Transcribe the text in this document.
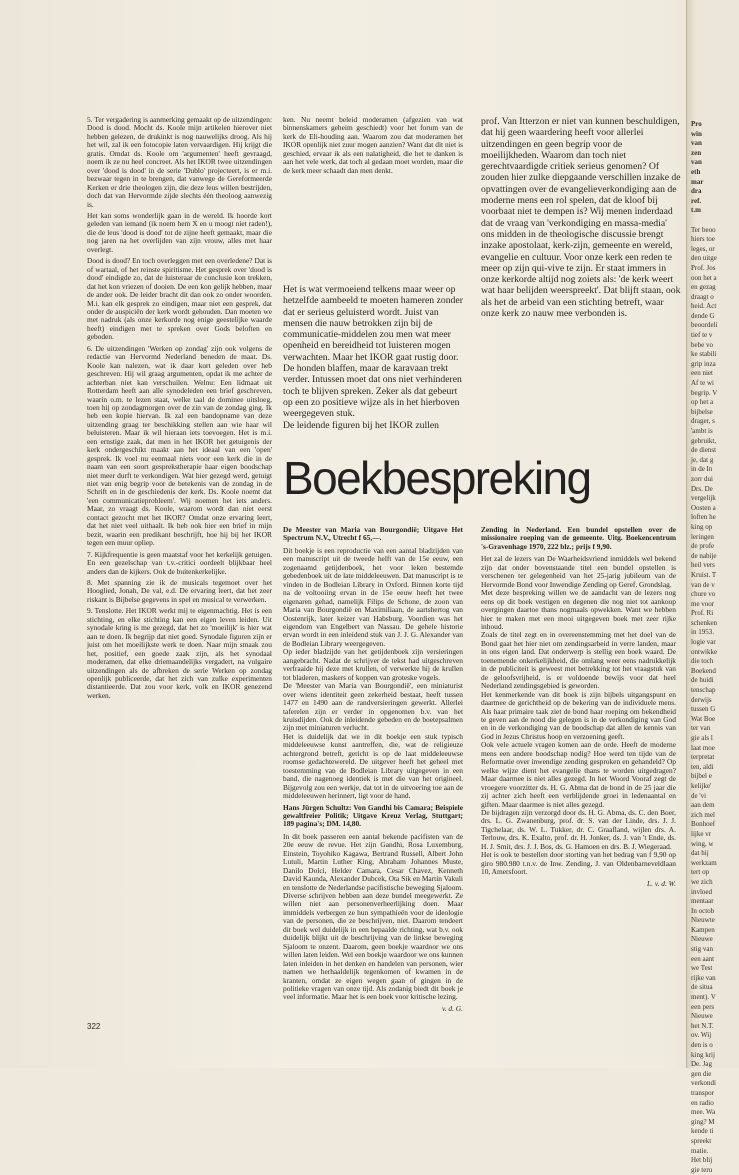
5. Ter vergadering is aanmerking gemaakt op de uitzendingen: Dood is dood. Mocht ds. Koole mijn artikelen hierover niet hebben gelezen, de drukinkt is nog nauwelijks droog. Als hij het wil, zal ik een fotocopie laten vervaardigen. Hij krijgt die gratis. Omdat ds. Koole om 'argumenten' heeft gevraagd, noem ik ze nu heel concreet. Als het IKOR twee uitzendingen over 'dood is dood' in de serie 'Dublo' projecteert, is er m.i. bezwaar tegen in te brengen, dat vanwege de Gereformeerde Kerken er drie theologen zijn, die deze leus willen bestrijden, doch dat van Hervormde zijde slechts één theoloog aanwezig is.

Het kan soms wonderlijk gaan in de wereld. Ik hoorde kort geleden van iemand (ik noem hem X en u moogt niet raden!), die de leus 'dood is dood' tot de zijne heeft gemaakt, maar die nog jaren na het overlijden van zijn vrouw, alles met haar overlegt.

Dood is dood? En toch overleggen met een overledene? Dat is of wartaal, of het reinste spiritisme. Het gesprek over 'dood is dood' eindigde zo, dat de luisteraar de conclusie kon trekken, dat het kon vriezen of dooien. De een kon gelijk hebben, maar de ander ook. De leider bracht dit dan ook zo onder woorden. M.i. kan elk gesprek zo eindigen, maar niet een gesprek, dat onder de auspiciën der kerk wordt gehouden. Dan moeten we met nadruk (als onze kerkorde nog enige geestelijke waarde heeft) eindigen met te spreken over Gods beloften en geboden.

6. De uitzendingen 'Werken op zondag' zijn ook volgens de redactie van Hervormd Nederland beneden de maat. Ds. Koole kan nalezen, wat ik daar kort geleden over heb geschreven. Hij wil graag argumenten, opdat ik me achter de achterban niet kan verschuilen. Welnu: Een lidmaat uit Rotterdam heeft aan alle synodeleden een brief geschreven, waarin o.m. te lezen staat, welke taal de dominee uitsloeg, toen hij op zondagmorgen over de zin van de zondag ging. Ik heb een kopie hiervan. Ik zal een bandopname van deze uitzending graag ter beschikking stellen aan wie haar wil beluisteren. Maar ik wil hieraan iets toevoegen. Het is m.i. een ernstige zaak, dat men in het IKOR het getuigenis der kerk ondergeschikt maakt aan het ideaal van een 'open' gesprek. Ik voel nu eenmaal niets voor een kerk die in de naam van een soort gesprekstherapie haar eigen boodschap niet meer durft te verkondigen. Wat hier gezegd werd, getuigt niet van enig begrip voor de betekenis van de zondag in de Schrift en in de geschiedenis der kerk. Ds. Koole noemt dat 'een communicatieprobleem'. Wij noemen het iets anders. Maar, zo vraagt ds. Koole, waarom wordt dan niet eerst contact gezocht met het IKOR? Omdat onze ervaring leert, dat het niet veel uithaalt. Ik heb ook hier een brief in mijn bezit, waarin een predikant beschrijft, hoe hij bij het IKOR tegen een muur opliep.

7. Kijkfrequentie is geen maatstaf voor het kerkelijk getuigen. En een gezelschap van t.v.-critici oordeelt blijkbaar heel anders dan de kijkers. Ook de buitenkerkelijke.

8. Met spanning zie ik de musicals tegemoet over het Hooglied, Jonah, De val, e.d. De ervaring leert, dat het zeer riskant is Bijbelse gegevens in spel en musical te verwerken.

9. Tenslotte. Het IKOR werkt mij te eigenmachtig. Het is een stichting, en elke stichting kan een eigen leven leiden. Uit synodale kring is me gezegd, dat het zo 'moeilijk' is hier wat aan te doen. Ik begrijp dat niet goed. Synodale figuren zijn er juist om het moeilijkste werk te doen. Naar mijn smaak zou het, positief, een goede zaak zijn, als het synodaal moderamen, dat elke driemaandelijks vergadert, na vulgaire uitzendingen als de afbreken de serie Werken op zondag openlijk publiceerde, dat het zich van zulke experimenten distantieerde. Dat zou voor kerk, volk en IKOR genezend werken.

ken. Nu neemt beleid moderamen (afgezien van wat binnenskamers geheim geschiedt) voor het forum van de kerk de Eli-houding aan. Waarom zou dat moderamen het IKOR openlijk niet zuur mogen aanzien? Want dat dit niet is geschied, ervaar ik als een nalatigheid, die het te danken is aan het vele werk, dat toch al gedaan moet worden, maar die de kerk meer schaadt dan men denkt.

Het is wat vermoeiend telkens maar weer op hetzelfde aambeeld te moeten hameren zonder dat er serieus geluisterd wordt. Juist van mensen die nauw betrokken zijn bij de communicatie-middelen zou men wat meer openheid en bereidheid tot luisteren mogen verwachten. Maar het IKOR gaat rustig door. De honden blaffen, maar de karavaan trekt verder. Intussen moet dat ons niet verhinderen toch te blijven spreken. Zeker als dat gebeurt op een zo positieve wijze als in het hierboven weergegeven stuk.
De leidende figuren bij het IKOR zullen

prof. Van Itterzon er niet van kunnen beschuldigen, dat hij geen waardering heeft voor allerlei uitzendingen en geen begrip voor de moeilijkheden. Waarom dan toch niet gerechtvaardigde critiek serieus genomen? Of zouden hier zulke diepgaande verschillen inzake de opvattingen over de evangelieverkondiging aan de moderne mens een rol spelen, dat de kloof bij voorbaat niet te dempen is? Wij menen inderdaad dat de vraag van 'verkondiging en massa-media' ons midden in de theologische discussie brengt inzake apostolaat, kerk-zijn, gemeente en wereld, evangelie en cultuur. Voor onze kerk een reden te meer op zijn qui-vive te zijn. Er staat immers in onze kerkorde altijd nog zoiets als: 'de kerk weert wat haar belijden weerspreekt'. Dat blijft staan, ook als het de arbeid van een stichting betreft, waar onze kerk zo nauw mee verbonden is.

Boekbespreking

De Meester van Maria van Bourgondië; Uitgave Het Spectrum N.V., Utrecht f 65,—.

Dit boekje is een reproductie van een aantal bladzijden van een manuscript uit de tweede helft van de 15e eeuw, een zogenaamd getijdenboek, het voor leken bestemde gebedenboek uit de late middeleeuwen. Dat manuscript is te vinden in de Bodleian Library in Oxford. Binnen korte tijd na de voltooiing ervan in de 15e eeuw heeft het twee eigenaren gehad, namelijk Filips de Schone, de zoon van Maria van Bourgondië en Maximiliaan, de aartshertog van Oostenrijk, later keizer van Habsburg. Voordien was het eigendom van Engelbert van Nassau. De gehele historie ervan wordt in een inleidend stuk van J. J. G. Alexander van de Bodleian Library weergegeven.
Op ieder bladzijde van het getijdenboek zijn versieringen aangebracht. Nadat de schrijver de tekst had uitgeschreven verfraaide hij deze met krullen, of verwerkte hij de krullen tot bladeren, maskers of koppen van groteske vogels.
De 'Meester van Maria van Bourgondië', een miniaturist over wiens identiteit geen zekerheid bestaat, heeft tussen 1477 en 1490 aan de randversieringen gewerkt. Allerlei taferelen zijn er verder in opgenomen b.v. van het kruisdijden. Ook de inleidende gebeden en de boetepsalmen zijn met miniaturen verlucht.
Het is duidelijk dat we in dit boekje een stuk typisch middeleeuwse kunst aantreffen, die, wat de religieuze achtergrond betreft, gericht is op de laat middeleeuwse roomse gedachtewereld. De uitgever heeft het geheel met toestemming van de Bodleian Library uitgegeven in een band, die nagenoeg identiek is met die van het origineel. Bijgevolg zou een werkje, dat tot in de uitvoering toe aan de middeleeuwen herinnert, ligt voor de hand.

Hans Jürgen Schultz: Von Gandhi bis Camara; Beispiele gewaltfreier Politik; Uitgave Kreuz Verlag, Stuttgart; 189 pagina's; DM. 14,80.

In dit boek passeren een aantal bekende pacifisten van de 20e eeuw de revue. Het zijn Gandhi, Rosa Luxemburg, Einstein, Toyohiko Kagawa, Bertrand Russell, Albert John Lutuli, Martin Luther King, Abraham Johannes Muste, Danilo Dolci, Helder Camara, Cesar Chavez, Kenneth David Kaunda, Alexander Dubcek, Ota Sik en Martin Vakuli en tenslotte de Nederlandse pacifistische beweging Sjaloom. Diverse schrijven hebben aan deze bundel meegewerkt. Ze willen niet aan personenverheerlijking doen. Maar immiddels verbergen ze hun sympathieën voor de ideologie van de personen, die ze beschrijven, niet. Daarom tendeert dit boek wel duidelijk in een bepaalde richting, wat b.v. ook duidelijk blijkt uit de beschrijving van de linkse beweging Sjaloom te onzent. Daarom, geen boekje waardoor we ons willen laten leiden. Wel een boekje waardoor we ons kunnen laten inleiden in het denken en handelen van personen, wier namen we herhaaldelijk tegenkomen of kwamen in de kranten, omdat ze eigen wegen gaan of gingen in de politieke vragen van onze tijd. Als zodanig biedt dit boek je veel informatie. Maar het is een boek voor kritische lezing.

v. d. G.

Zending in Nederland. Een bundel opstellen over de missionaire roeping van de gemeente. Uitg. Boekencentrum 's-Gravenhage 1970, 222 blz.; prijs f 9,90.

Het zal de lezers van De Waarheidsvriend inmiddels wel bekend zijn dat onder bovenstaande titel een bundel opstellen is verschenen ter gelegenheid van het 25-jarig jubileum van de Hervormde Bond voor Inwendige Zending op Geref. Grondslag.
Met deze bespreking willen we de aandacht van de lezers nog eens op dit boek vestigen en degenen die nog niet tot aankoop overgingen daartoe thans nogmaals opwekken. Want we hebben hier te maken met een mooi uitgegeven boek met zeer rijke inhoud.
Zoals de titel zegt en in overeenstemming met het doel van de Bond gaat het hier niet om zendingsarbeid in verre landen, maar in ons eigen land. Dat onderwerp is stellig een boek waard. De toenemende onkerkelijkheid, die omlang weer eens nadrukkelijk in de publiciteit is geweest met betrekking tot het vraagstuk van de geloofsvrijheid, is er voldoende bewijs voor dat heel Nederland zendingsgebied is geworden.
Het kenmerkende van dit boek is zijn bijbels uitgangspunt en daarmee de gerichtheid op de bekering van de individuele mens. Als haar primaire taak ziet de bond haar roeping om bekendheid te geven aan de nood die gelegen is in de verkondiging van God en in de verkondiging van de boodschap dat allen de kennis van God in Jezus Christus hoop en verzoening geeft.
Ook vele actuele vragen komen aan de orde. Heeft de moderne mens een andere boodschap nodig? Hoe werd ten tijde van de Reformatie over inwendige zending gesproken en gehandeld? Op welke wijze dient het evangelie thans te worden uitgedragen? Maar daarmee is niet alles gezegd. In het Woord Vooraf zegt de vroegere voorzitter ds. H. G. Abma dat de bond in de 25 jaar die zij achter zich heeft een verblijdende groei in ledenaantal en giften. Maar daarmee is niet alles gezegd.
De bijdragen zijn verzorgd door ds. H. G. Abma, ds. C. den Boer, drs. L. G. Zwanenburg, prof. dr. S. van der Linde, drs. J. J. Tigchelaar, ds. W. L. Tukker, dr. C. Graafland, wijlen drs. A. Terlouw, drs. K. Exalto, prof. dr. H. Jonker, ds. J. van 't Ende, ds. H. J. Smit, drs. J. J. Bos, ds. G. Hamoen en drs. B. J. Wiegeraad.
Het is ook te bestellen door storting van het bedrag van f 9,90 op giro 980.980 t.n.v. de Inw. Zending, J. van Oldenbarneveldlaan 10, Amersfoort.

L. v. d. W.

322
Pro
win
van
zen
van
eth
mar
dra
ref.
t.m

Ter beoo
hiers toe
leges, or
den uitge
Prof. Jos
oon het a
en gezag
draagt o
heid. Act
dende G
beoordeli
tief te v
bebe vo
ke stabili
grip inza
een niet
Af te wi
begrip. V
op het a
bijbelse
drager, s
'ambt is
gebruikt,
de dienst
je, dat g
in de In
zorr dui
Drs. De
vergelijk
Oosten a
loften he
king op
leringen
de profe
de nabije
heil vers
Kruist. T
van de v
chure vo
me voor
Prof. Ri
schenken
in 1953.
logie var
ontwikke
die toch
Boekend
de huidi
tenschap
derwijs
tussen G
Wat Boe
ter van
gie als l
laat moe
terpretat
ten, aldi
bijbel e
kelijke'
de 'vi
aan dem
zich mel
Bonhoef
lijke vr
wing, w
dat hij
werkzam
tert op
we zich
invloed
mentaar
In octob
Nieuwte
Kampen
Nieuwe
stig van
een aant
we Test
rijke van
de situa
ment). V
een pers
Nieuwe
het N.T.
ov. Wij
den is o
king krij
De. Jag
gen die
verkondi
transpor
en radio
mee. Wa
ging? M
kende ti
spreekt
matie.
Het blij
gie teru
